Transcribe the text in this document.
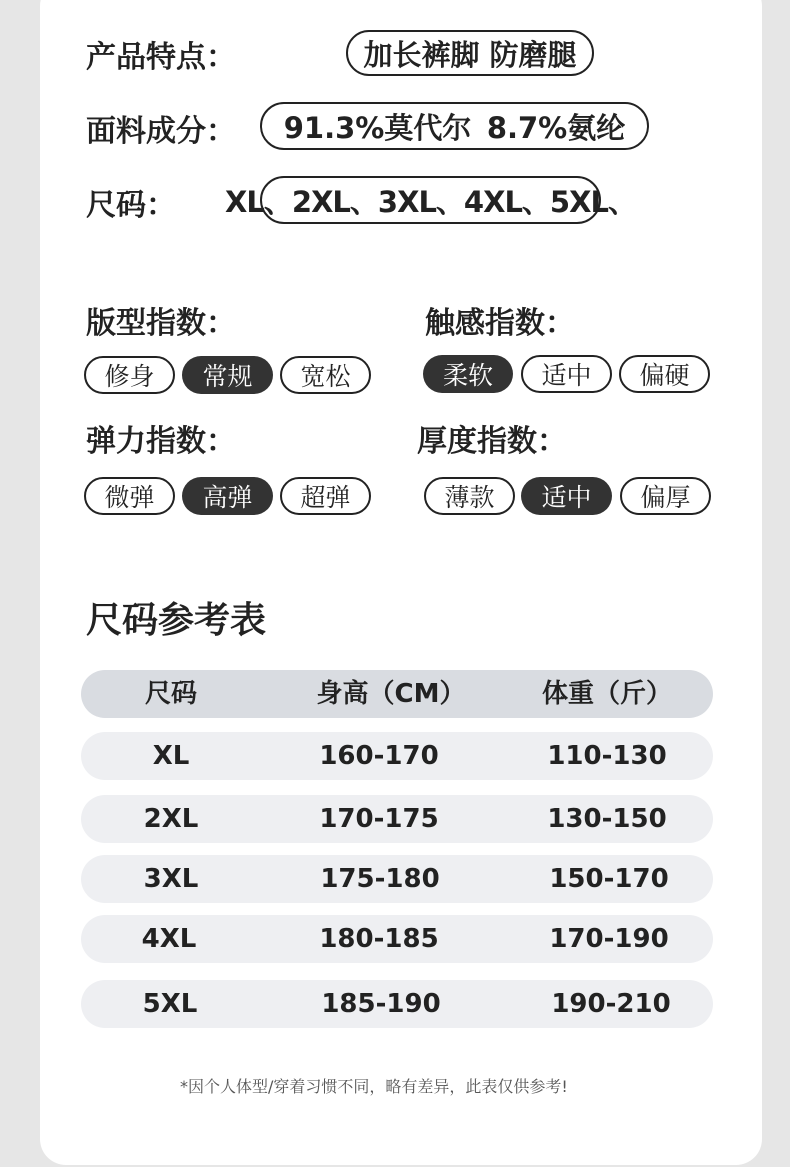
产品特点：	加长裤脚 防磨腿
面料成分： 91.3%莫代尔 8.7%氨纶
尺码： XL、2XL、3XL、4XL、5XL、
版型指数：
修身	常规	宽松
触感指数：
柔软	适中	偏硬
弹力指数：
微弹	高弹	超弹
厚度指数：
薄款	适中	偏厚
尺码参考表
尺码	身高（CM）	体重（斤）
XL	160-170	110-130
2XL	170-175	130-150
3XL	175-180	150-170
4XL	180-185	170-190
5XL	185-190	190-210
*因个人体型/穿着习惯不同，略有差异，此表仅供参考!
